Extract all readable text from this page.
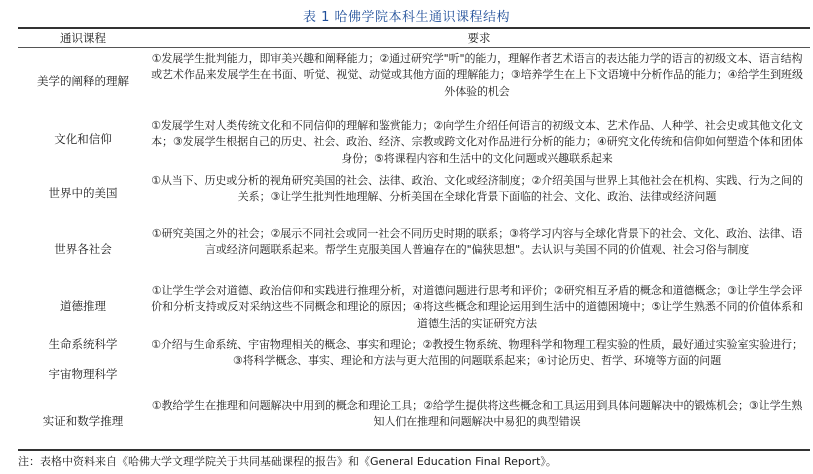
表 1 哈佛学院本科生通识课程结构
通识课程	要求
美学的阐释的理解
①发展学生批判能力，即审美兴趣和阐释能力；②通过研究学"听"的能力，理解作者艺术语言的表达能力学的语言的初级文本、语言结构或艺术作品来发展学生在书面、听觉、视觉、动觉或其他方面的理解能力；③培养学生在上下文语境中分析作品的能力；④给学生到班级外体验的机会
文化和信仰
①发展学生对人类传统文化和不同信仰的理解和鉴赏能力；②向学生介绍任何语言的初级文本、艺术作品、人种学、社会史或其他文化文本；③发展学生根据自己的历史、社会、政治、经济、宗教或跨文化对作品进行分析的能力；④研究文化传统和信仰如何塑造个体和团体身份；⑤将课程内容和生活中的文化问题或兴趣联系起来
世界中的美国
①从当下、历史或分析的视角研究美国的社会、法律、政治、文化或经济制度；②介绍美国与世界上其他社会在机构、实践、行为之间的关系；③让学生批判性地理解、分析美国在全球化背景下面临的社会、文化、政治、法律或经济问题
世界各社会
①研究美国之外的社会；②展示不同社会或同一社会不同历史时期的联系；③将学习内容与全球化背景下的社会、文化、政治、法律、语言或经济问题联系起来。帮学生克服美国人普遍存在的"偏狭思想"。去认识与美国不同的价值观、社会习俗与制度
道德推理
①让学生学会对道德、政治信仰和实践进行推理分析，对道德问题进行思考和评价；②研究相互矛盾的概念和道德概念；③让学生学会评价和分析支持或反对采纳这些不同概念和理论的原因；④将这些概念和理论运用到生活中的道德困境中；⑤让学生熟悉不同的价值体系和道德生活的实证研究方法
生命系统科学
宇宙物理科学
①介绍与生命系统、宇宙物理相关的概念、事实和理论；②教授生物系统、物理科学和物理工程实验的性质，最好通过实验室实验进行；③将科学概念、事实、理论和方法与更大范围的问题联系起来；④讨论历史、哲学、环境等方面的问题
实证和数学推理
①教给学生在推理和问题解决中用到的概念和理论工具；②给学生提供将这些概念和工具运用到具体问题解决中的锻炼机会；③让学生熟知人们在推理和问题解决中易犯的典型错误
注：表格中资料来自《哈佛大学文理学院关于共同基础课程的报告》和《General Education Final Report》。
